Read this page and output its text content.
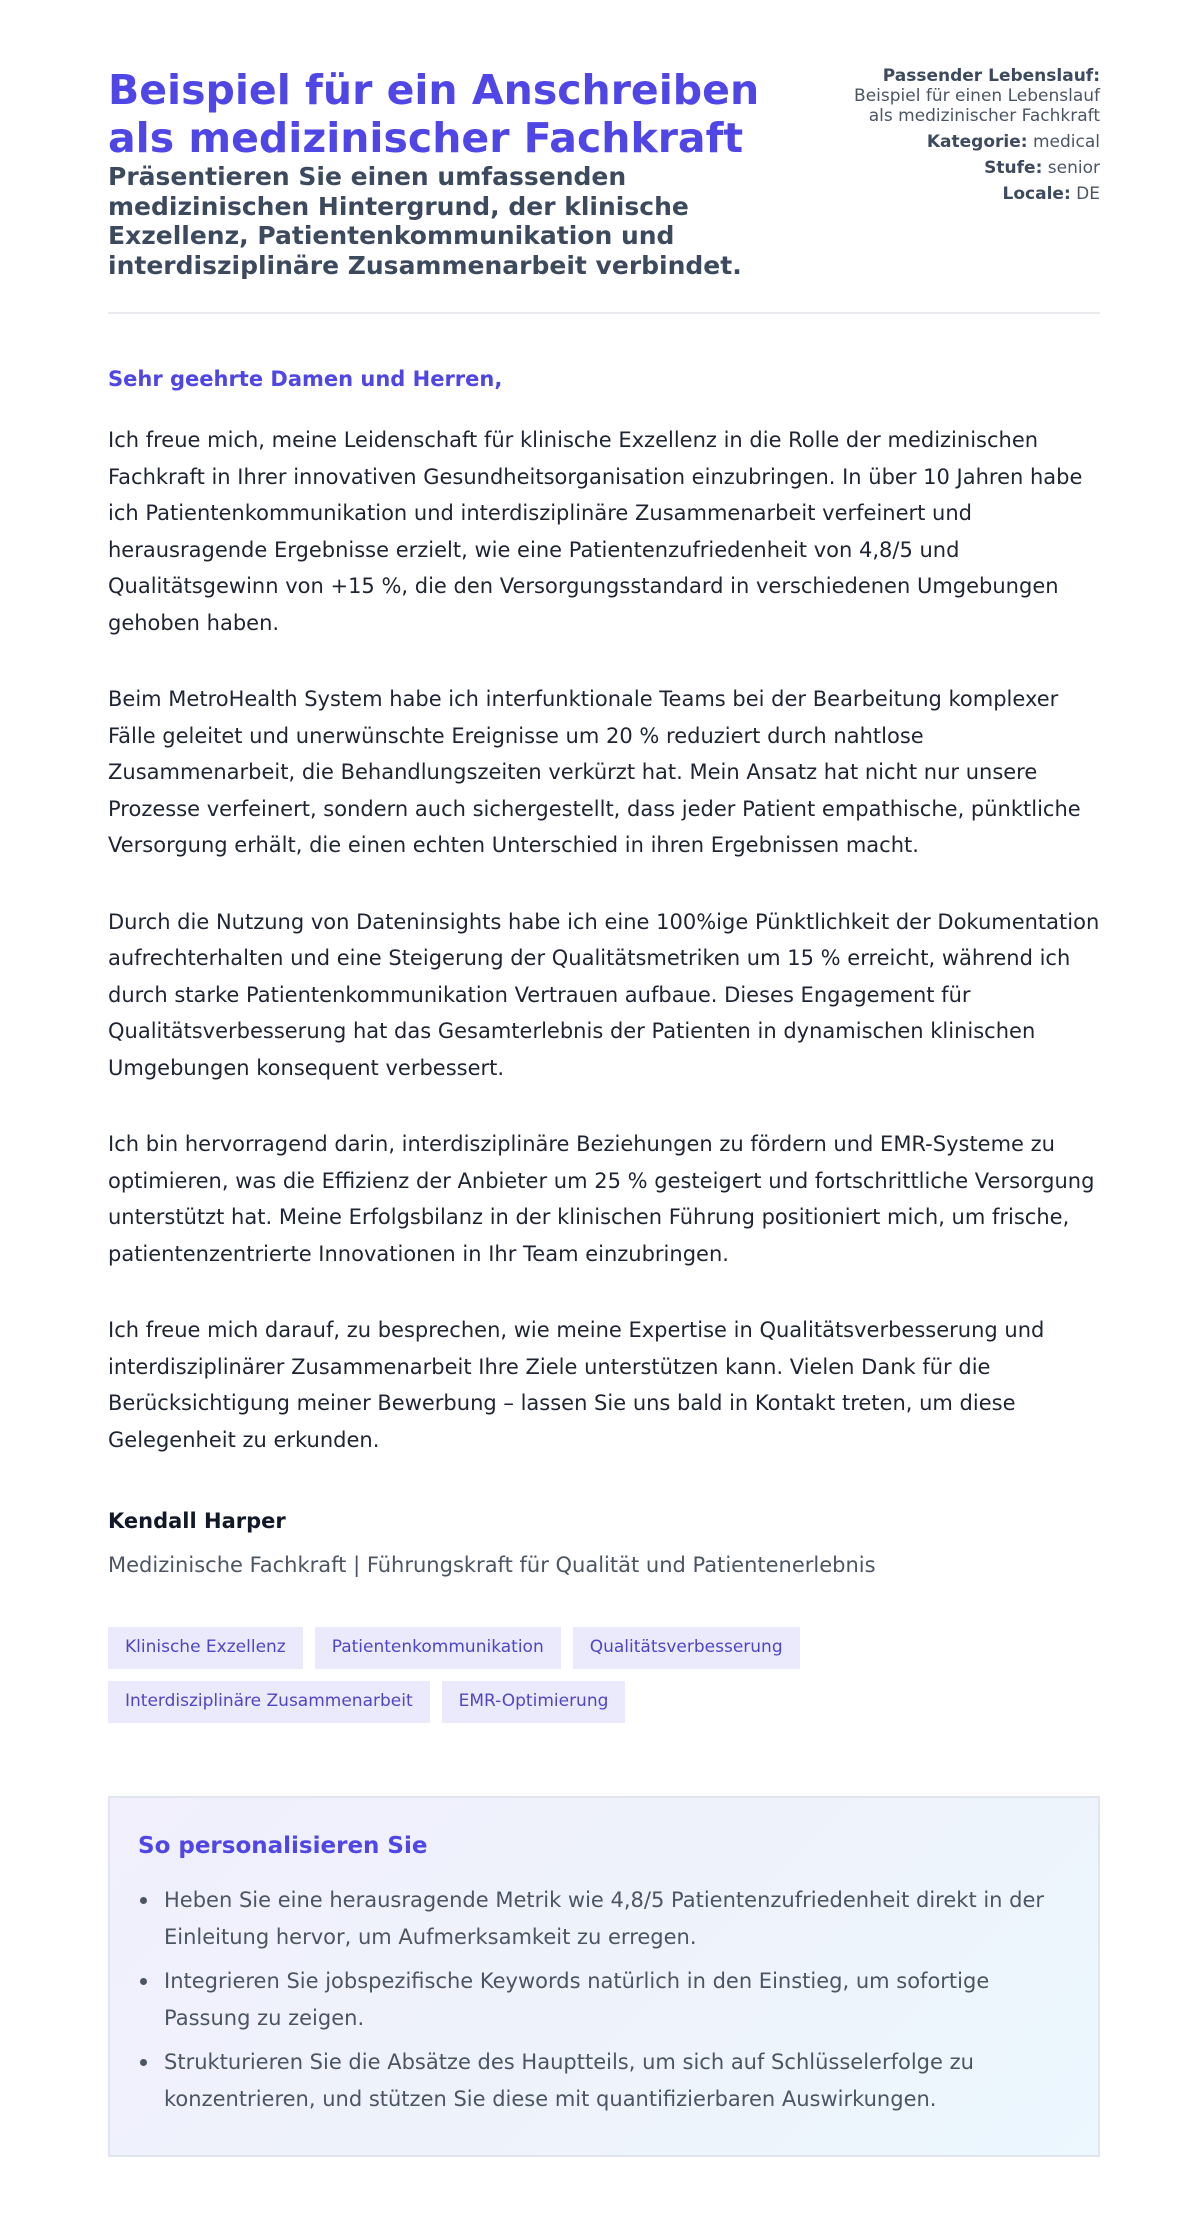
Beispiel für ein Anschreiben als medizinischer Fachkraft
Präsentieren Sie einen umfassenden medizinischen Hintergrund, der klinische Exzellenz, Patientenkommunikation und interdisziplinäre Zusammenarbeit verbindet.
Passender Lebenslauf:
Beispiel für einen Lebenslauf als medizinischer Fachkraft
Kategorie: medical
Stufe: senior
Locale: DE
Sehr geehrte Damen und Herren,

Ich freue mich, meine Leidenschaft für klinische Exzellenz in die Rolle der medizinischen Fachkraft in Ihrer innovativen Gesundheitsorganisation einzubringen. In über 10 Jahren habe ich Patientenkommunikation und interdisziplinäre Zusammenarbeit verfeinert und herausragende Ergebnisse erzielt, wie eine Patientenzufriedenheit von 4,8/5 und Qualitätsgewinn von +15 %, die den Versorgungsstandard in verschiedenen Umgebungen gehoben haben.

Beim MetroHealth System habe ich interfunktionale Teams bei der Bearbeitung komplexer Fälle geleitet und unerwünschte Ereignisse um 20 % reduziert durch nahtlose Zusammenarbeit, die Behandlungszeiten verkürzt hat. Mein Ansatz hat nicht nur unsere Prozesse verfeinert, sondern auch sichergestellt, dass jeder Patient empathische, pünktliche Versorgung erhält, die einen echten Unterschied in ihren Ergebnissen macht.

Durch die Nutzung von Dateninsights habe ich eine 100%ige Pünktlichkeit der Dokumentation aufrechterhalten und eine Steigerung der Qualitätsmetriken um 15 % erreicht, während ich durch starke Patientenkommunikation Vertrauen aufbaue. Dieses Engagement für Qualitätsverbesserung hat das Gesamterlebnis der Patienten in dynamischen klinischen Umgebungen konsequent verbessert.

Ich bin hervorragend darin, interdisziplinäre Beziehungen zu fördern und EMR-Systeme zu optimieren, was die Effizienz der Anbieter um 25 % gesteigert und fortschrittliche Versorgung unterstützt hat. Meine Erfolgsbilanz in der klinischen Führung positioniert mich, um frische, patientenzentrierte Innovationen in Ihr Team einzubringen.

Ich freue mich darauf, zu besprechen, wie meine Expertise in Qualitätsverbesserung und interdisziplinärer Zusammenarbeit Ihre Ziele unterstützen kann. Vielen Dank für die Berücksichtigung meiner Bewerbung – lassen Sie uns bald in Kontakt treten, um diese Gelegenheit zu erkunden.

Kendall Harper
Medizinische Fachkraft | Führungskraft für Qualität und Patientenerlebnis
Klinische Exzellenz	Patientenkommunikation	Qualitätsverbesserung
Interdisziplinäre Zusammenarbeit	EMR-Optimierung
So personalisieren Sie
Heben Sie eine herausragende Metrik wie 4,8/5 Patientenzufriedenheit direkt in der Einleitung hervor, um Aufmerksamkeit zu erregen.
Integrieren Sie jobspezifische Keywords natürlich in den Einstieg, um sofortige Passung zu zeigen.
Strukturieren Sie die Absätze des Hauptteils, um sich auf Schlüsselerfolge zu konzentrieren, und stützen Sie diese mit quantifizierbaren Auswirkungen.
